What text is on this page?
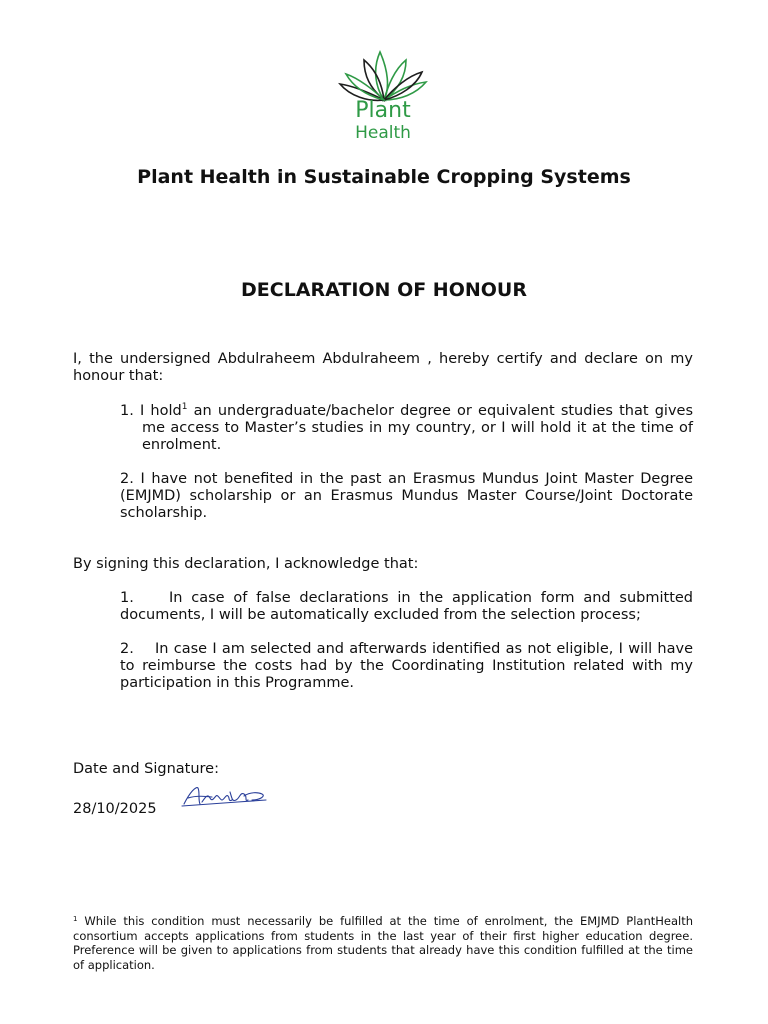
Plant
Health
Plant Health in Sustainable Cropping Systems
DECLARATION OF HONOUR
I, the undersigned Abdulraheem Abdulraheem , hereby certify and declare on my honour that:
1. I hold$^1$ an undergraduate/bachelor degree or equivalent studies that gives me access to Master’s studies in my country, or I will hold it at the time of enrolment.
2. I have not benefited in the past an Erasmus Mundus Joint Master Degree (EMJMD) scholarship or an Erasmus Mundus Master Course/Joint Doctorate scholarship.
By signing this declaration, I acknowledge that:
1. In case of false declarations in the application form and submitted documents, I will be automatically excluded from the selection process;
2. In case I am selected and afterwards identified as not eligible, I will have to reimburse the costs had by the Coordinating Institution related with my participation in this Programme.
Date and Signature:
28/10/2025
$^1$ While this condition must necessarily be fulfilled at the time of enrolment, the EMJMD PlantHealth consortium accepts applications from students in the last year of their first higher education degree. Preference will be given to applications from students that already have this condition fulfilled at the time of application.
